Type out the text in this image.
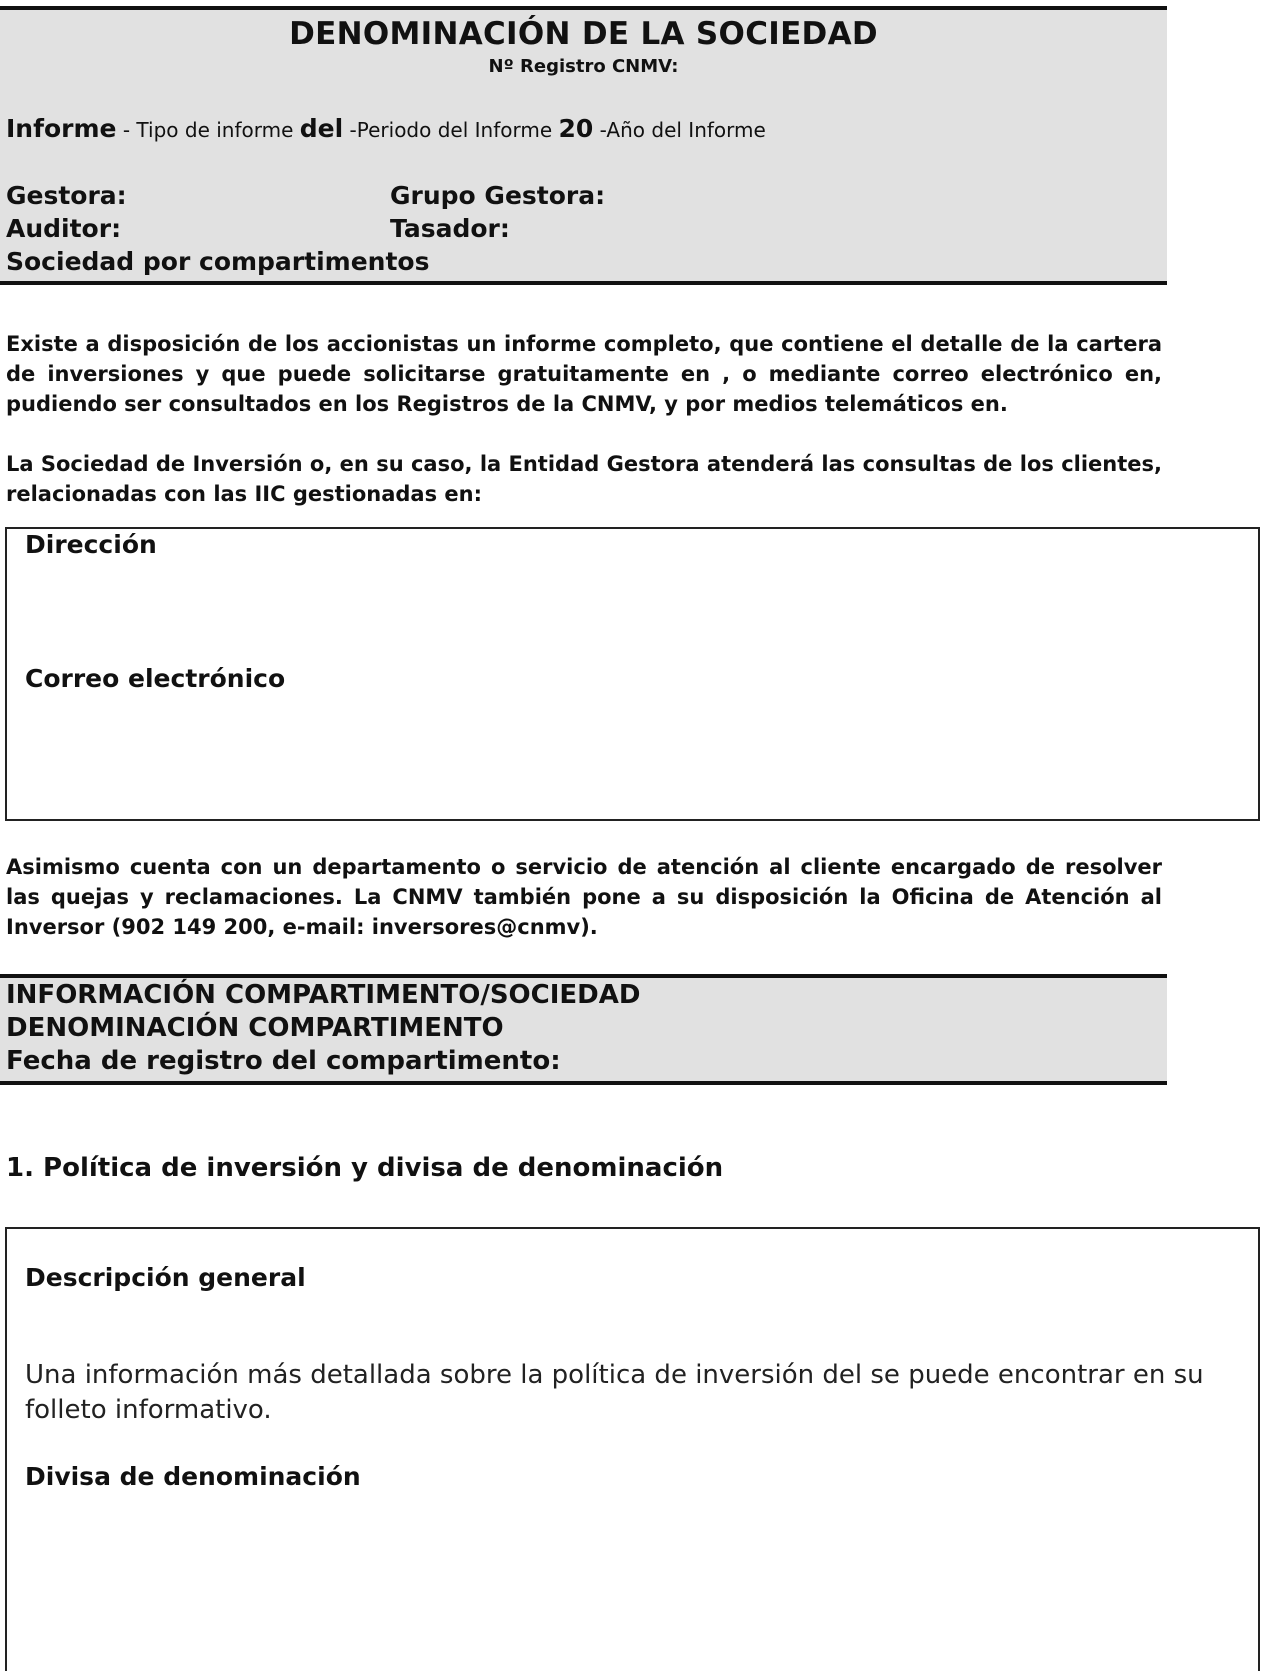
DENOMINACIÓN DE LA SOCIEDAD
Nº Registro CNMV:
Informe - Tipo de informe del -Periodo del Informe 20 -Año del Informe
Gestora:	Grupo Gestora:
Auditor:	Tasador:
Sociedad por compartimentos
Existe a disposición de los accionistas un informe completo, que contiene el detalle de la cartera de inversiones y que puede solicitarse gratuitamente en , o mediante correo electrónico en, pudiendo ser consultados en los Registros de la CNMV, y por medios telemáticos en.
La Sociedad de Inversión o, en su caso, la Entidad Gestora atenderá las consultas de los clientes, relacionadas con las IIC gestionadas en:
Dirección
Correo electrónico
Asimismo cuenta con un departamento o servicio de atención al cliente encargado de resolver las quejas y reclamaciones. La CNMV también pone a su disposición la Oficina de Atención al Inversor (902 149 200, e-mail: inversores@cnmv).
INFORMACIÓN COMPARTIMENTO/SOCIEDAD
DENOMINACIÓN COMPARTIMENTO
Fecha de registro del compartimento:
1. Política de inversión y divisa de denominación
Descripción general
Una información más detallada sobre la política de inversión del se puede encontrar en su folleto informativo.
Divisa de denominación
